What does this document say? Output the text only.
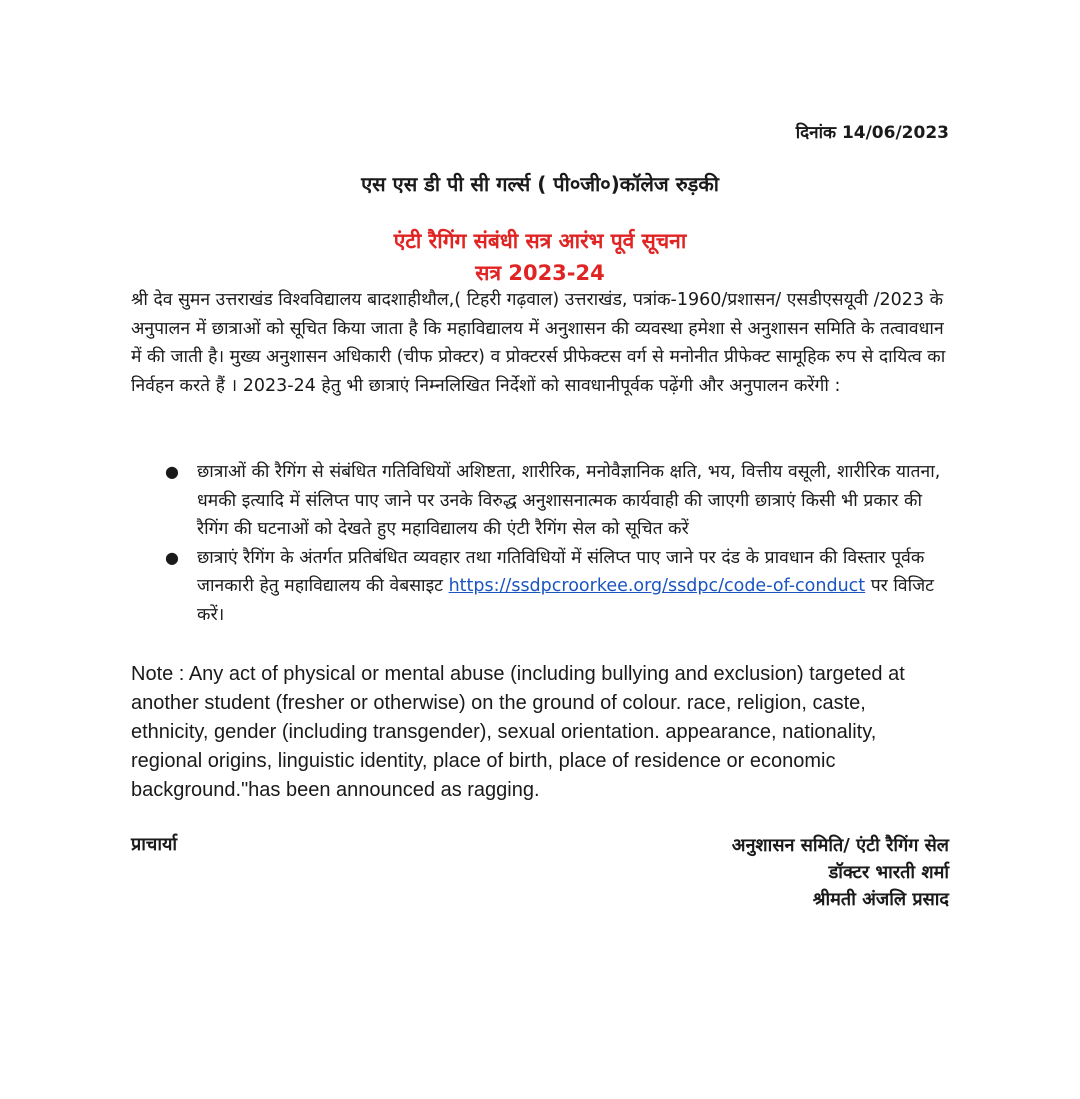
दिनांक 14/06/2023
एस एस डी पी सी गर्ल्स ( पी०जी०)कॉलेज रुड़की
एंटी रैगिंग संबंधी सत्र आरंभ पूर्व सूचना
सत्र 2023-24

श्री देव सुमन उत्तराखंड विश्वविद्यालय बादशाहीथौल,( टिहरी गढ़वाल) उत्तराखंड, पत्रांक-1960/प्रशासन/ एसडीएसयूवी /2023 के अनुपालन में छात्राओं को सूचित किया जाता है कि महाविद्यालय में अनुशासन की व्यवस्था हमेशा से अनुशासन समिति के तत्वावधान में की जाती है। मुख्य अनुशासन अधिकारी (चीफ प्रोक्टर) व प्रोक्टरर्स प्रीफेक्टस वर्ग से मनोनीत प्रीफेक्ट सामूहिक रुप से दायित्व का निर्वहन करते हैं । 2023-24 हेतु भी छात्राएं निम्नलिखित निर्देशों को सावधानीपूर्वक पढ़ेंगी और अनुपालन करेंगी :

● छात्राओं की रैगिंग से संबंधित गतिविधियों अशिष्टता, शारीरिक, मनोवैज्ञानिक क्षति, भय, वित्तीय वसूली, शारीरिक यातना, धमकी इत्यादि में संलिप्त पाए जाने पर उनके विरुद्ध अनुशासनात्मक कार्यवाही की जाएगी छात्राएं किसी भी प्रकार की रैगिंग की घटनाओं को देखते हुए महाविद्यालय की एंटी रैगिंग सेल को सूचित करें
● छात्राएं रैगिंग के अंतर्गत प्रतिबंधित व्यवहार तथा गतिविधियों में संलिप्त पाए जाने पर दंड के प्रावधान की विस्तार पूर्वक जानकारी हेतु महाविद्यालय की वेबसाइट https://ssdpcroorkee.org/ssdpc/code-of-conduct पर विजिट करें।

Note : Any act of physical or mental abuse (including bullying and exclusion) targeted at another student (fresher or otherwise) on the ground of colour. race, religion, caste, ethnicity, gender (including transgender), sexual orientation. appearance, nationality, regional origins, linguistic identity, place of birth, place of residence or economic background."has been announced as ragging.

प्राचार्या	अनुशासन समिति/ एंटी रैगिंग सेल
डॉक्टर भारती शर्मा
श्रीमती अंजलि प्रसाद
